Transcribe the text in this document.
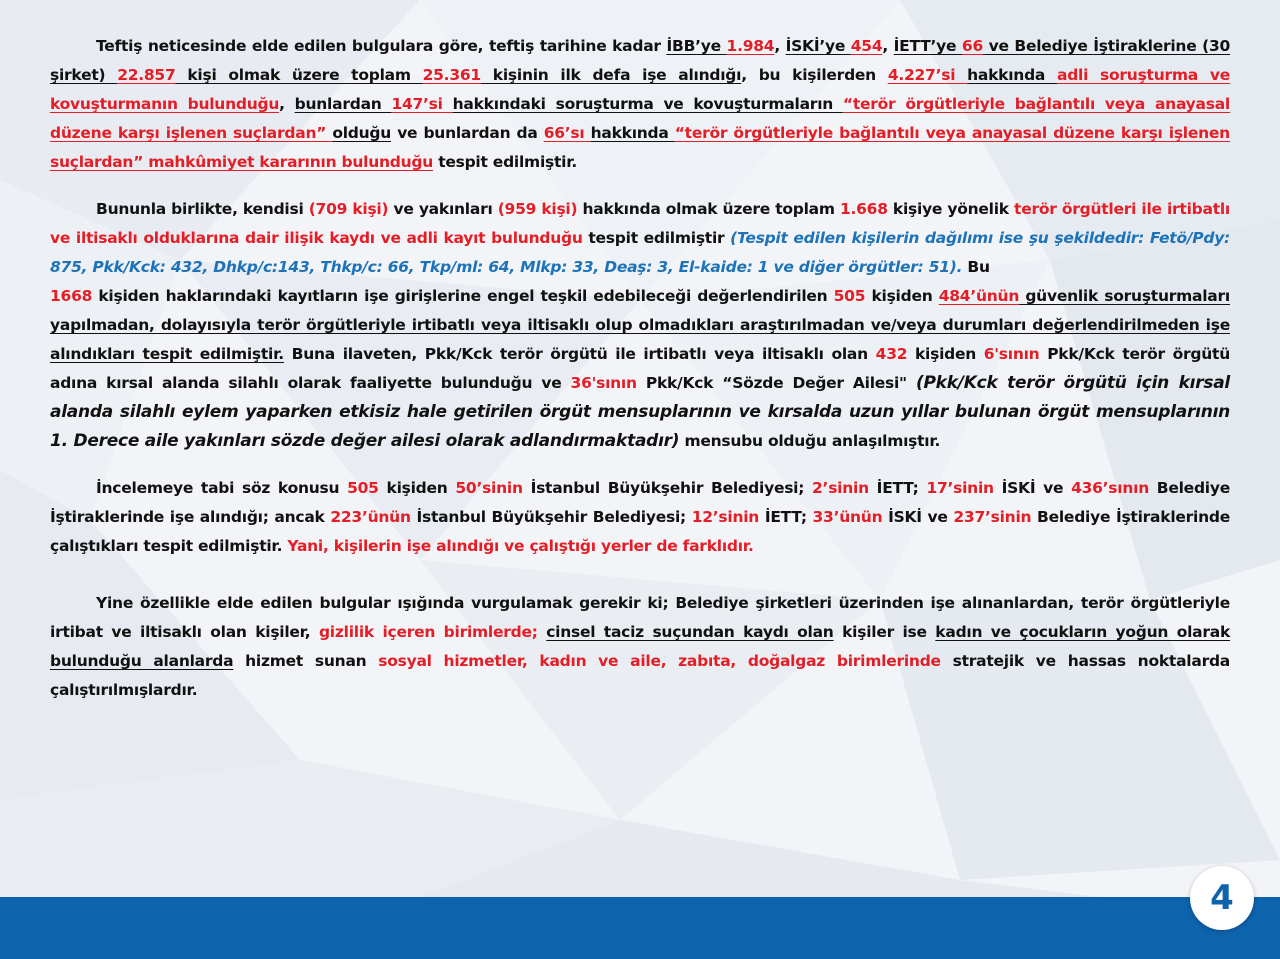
Teftiş neticesinde elde edilen bulgulara göre, teftiş tarihine kadar İBB’ye 1.984, İSKİ’ye 454, İETT’ye 66 ve Belediye İştiraklerine (30 şirket) 22.857 kişi olmak üzere toplam 25.361 kişinin ilk defa işe alındığı, bu kişilerden 4.227’si hakkında adli soruşturma ve kovuşturmanın bulunduğu, bunlardan 147’si hakkındaki soruşturma ve kovuşturmaların “terör örgütleriyle bağlantılı veya anayasal düzene karşı işlenen suçlardan” olduğu ve bunlardan da 66’sı hakkında “terör örgütleriyle bağlantılı veya anayasal düzene karşı işlenen suçlardan” mahkûmiyet kararının bulunduğu tespit edilmiştir.

Bununla birlikte, kendisi (709 kişi) ve yakınları (959 kişi) hakkında olmak üzere toplam 1.668 kişiye yönelik terör örgütleri ile irtibatlı ve iltisaklı olduklarına dair ilişik kaydı ve adli kayıt bulunduğu tespit edilmiştir (Tespit edilen kişilerin dağılımı ise şu şekildedir: Fetö/Pdy: 875, Pkk/Kck: 432, Dhkp/c:143, Thkp/c: 66, Tkp/ml: 64, Mlkp: 33, Deaş: 3, El-kaide: 1 ve diğer örgütler: 51). Bu

1668 kişiden haklarındaki kayıtların işe girişlerine engel teşkil edebileceği değerlendirilen 505 kişiden 484’ünün güvenlik soruşturmaları yapılmadan, dolayısıyla terör örgütleriyle irtibatlı veya iltisaklı olup olmadıkları araştırılmadan ve/veya durumları değerlendirilmeden işe alındıkları tespit edilmiştir. Buna ilaveten, Pkk/Kck terör örgütü ile irtibatlı veya iltisaklı olan 432 kişiden 6'sının Pkk/Kck terör örgütü adına kırsal alanda silahlı olarak faaliyette bulunduğu ve 36'sının Pkk/Kck “Sözde Değer Ailesi" (Pkk/Kck terör örgütü için kırsal alanda silahlı eylem yaparken etkisiz hale getirilen örgüt mensuplarının ve kırsalda uzun yıllar bulunan örgüt mensuplarının 1. Derece aile yakınları sözde değer ailesi olarak adlandırmaktadır) mensubu olduğu anlaşılmıştır.

İncelemeye tabi söz konusu 505 kişiden 50’sinin İstanbul Büyükşehir Belediyesi; 2’sinin İETT; 17’sinin İSKİ ve 436’sının Belediye İştiraklerinde işe alındığı; ancak 223’ünün İstanbul Büyükşehir Belediyesi; 12’sinin İETT; 33’ünün İSKİ ve 237’sinin Belediye İştiraklerinde çalıştıkları tespit edilmiştir. Yani, kişilerin işe alındığı ve çalıştığı yerler de farklıdır.

Yine özellikle elde edilen bulgular ışığında vurgulamak gerekir ki; Belediye şirketleri üzerinden işe alınanlardan, terör örgütleriyle irtibat ve iltisaklı olan kişiler, gizlilik içeren birimlerde; cinsel taciz suçundan kaydı olan kişiler ise kadın ve çocukların yoğun olarak bulunduğu alanlarda hizmet sunan sosyal hizmetler, kadın ve aile, zabıta, doğalgaz birimlerinde stratejik ve hassas noktalarda çalıştırılmışlardır.

4
